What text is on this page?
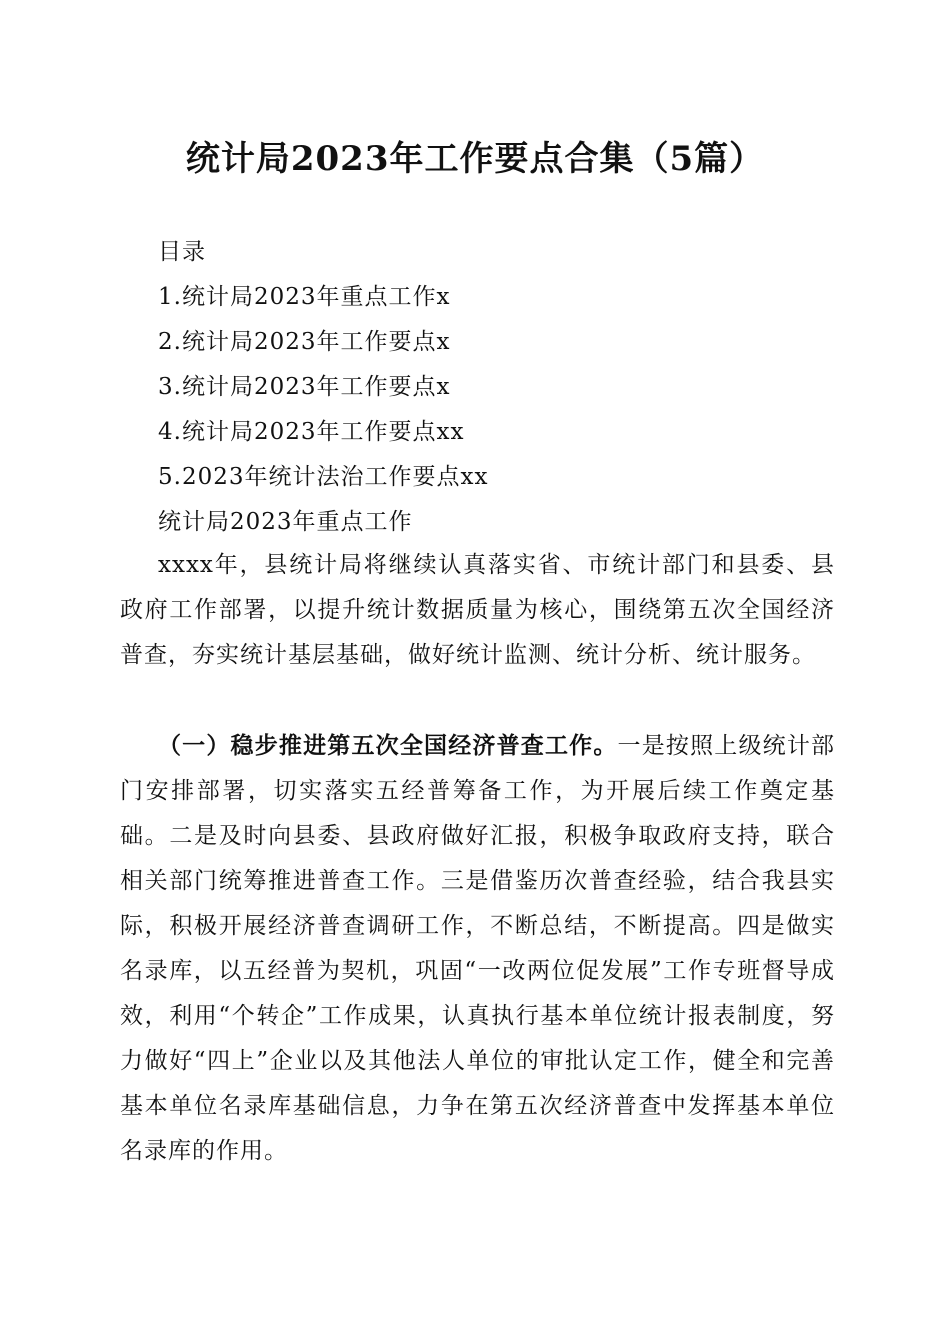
统计局2023年工作要点合集（5篇）
目录
1.统计局2023年重点工作x
2.统计局2023年工作要点x
3.统计局2023年工作要点x
4.统计局2023年工作要点xx
5.2023年统计法治工作要点xx
统计局2023年重点工作

xxxx年，县统计局将继续认真落实省、市统计部门和县委、县政府工作部署，以提升统计数据质量为核心，围绕第五次全国经济普查，夯实统计基层基础，做好统计监测、统计分析、统计服务。

（一）稳步推进第五次全国经济普查工作。一是按照上级统计部门安排部署，切实落实五经普筹备工作，为开展后续工作奠定基础。二是及时向县委、县政府做好汇报，积极争取政府支持，联合相关部门统筹推进普查工作。三是借鉴历次普查经验，结合我县实际，积极开展经济普查调研工作，不断总结，不断提高。四是做实名录库，以五经普为契机，巩固“一改两位促发展”工作专班督导成效，利用“个转企”工作成果，认真执行基本单位统计报表制度，努力做好“四上”企业以及其他法人单位的审批认定工作，健全和完善基本单位名录库基础信息，力争在第五次经济普查中发挥基本单位名录库的作用。
